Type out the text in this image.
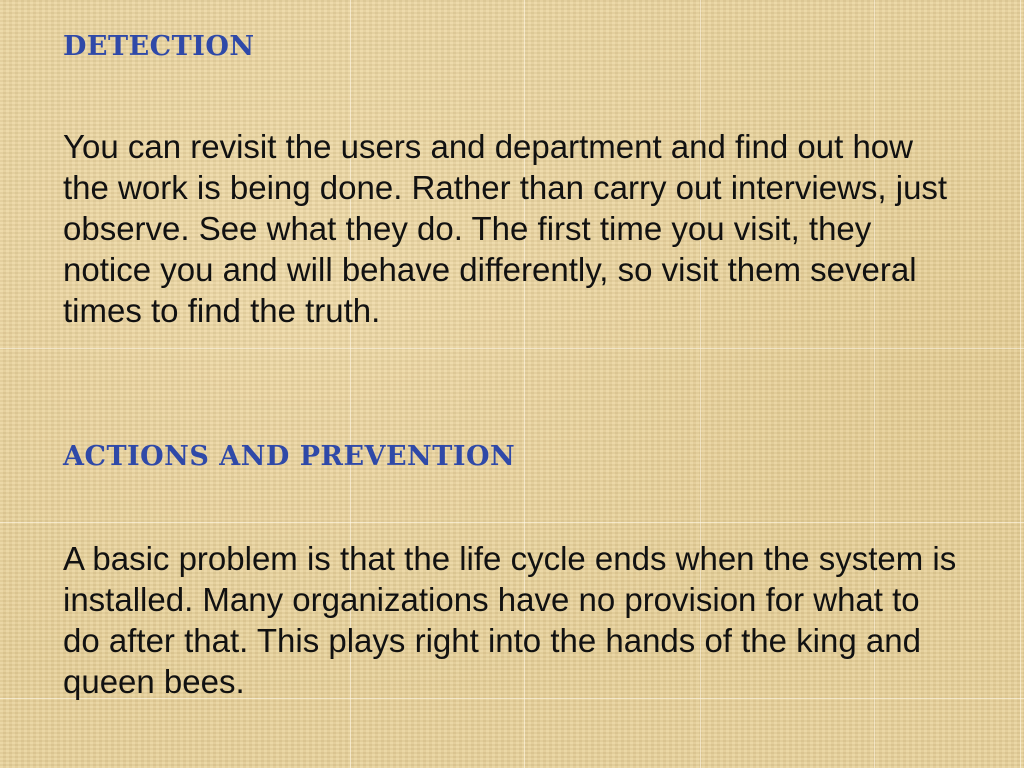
detection

You can revisit the users and department and find out how the work is being done. Rather than carry out interviews, just observe. See what they do. The first time you visit, they notice you and will behave differently, so visit them several times to find the truth.

actions and prevention

A basic problem is that the life cycle ends when the system is installed. Many organizations have no provision for what to do after that. This plays right into the hands of the king and queen bees.
